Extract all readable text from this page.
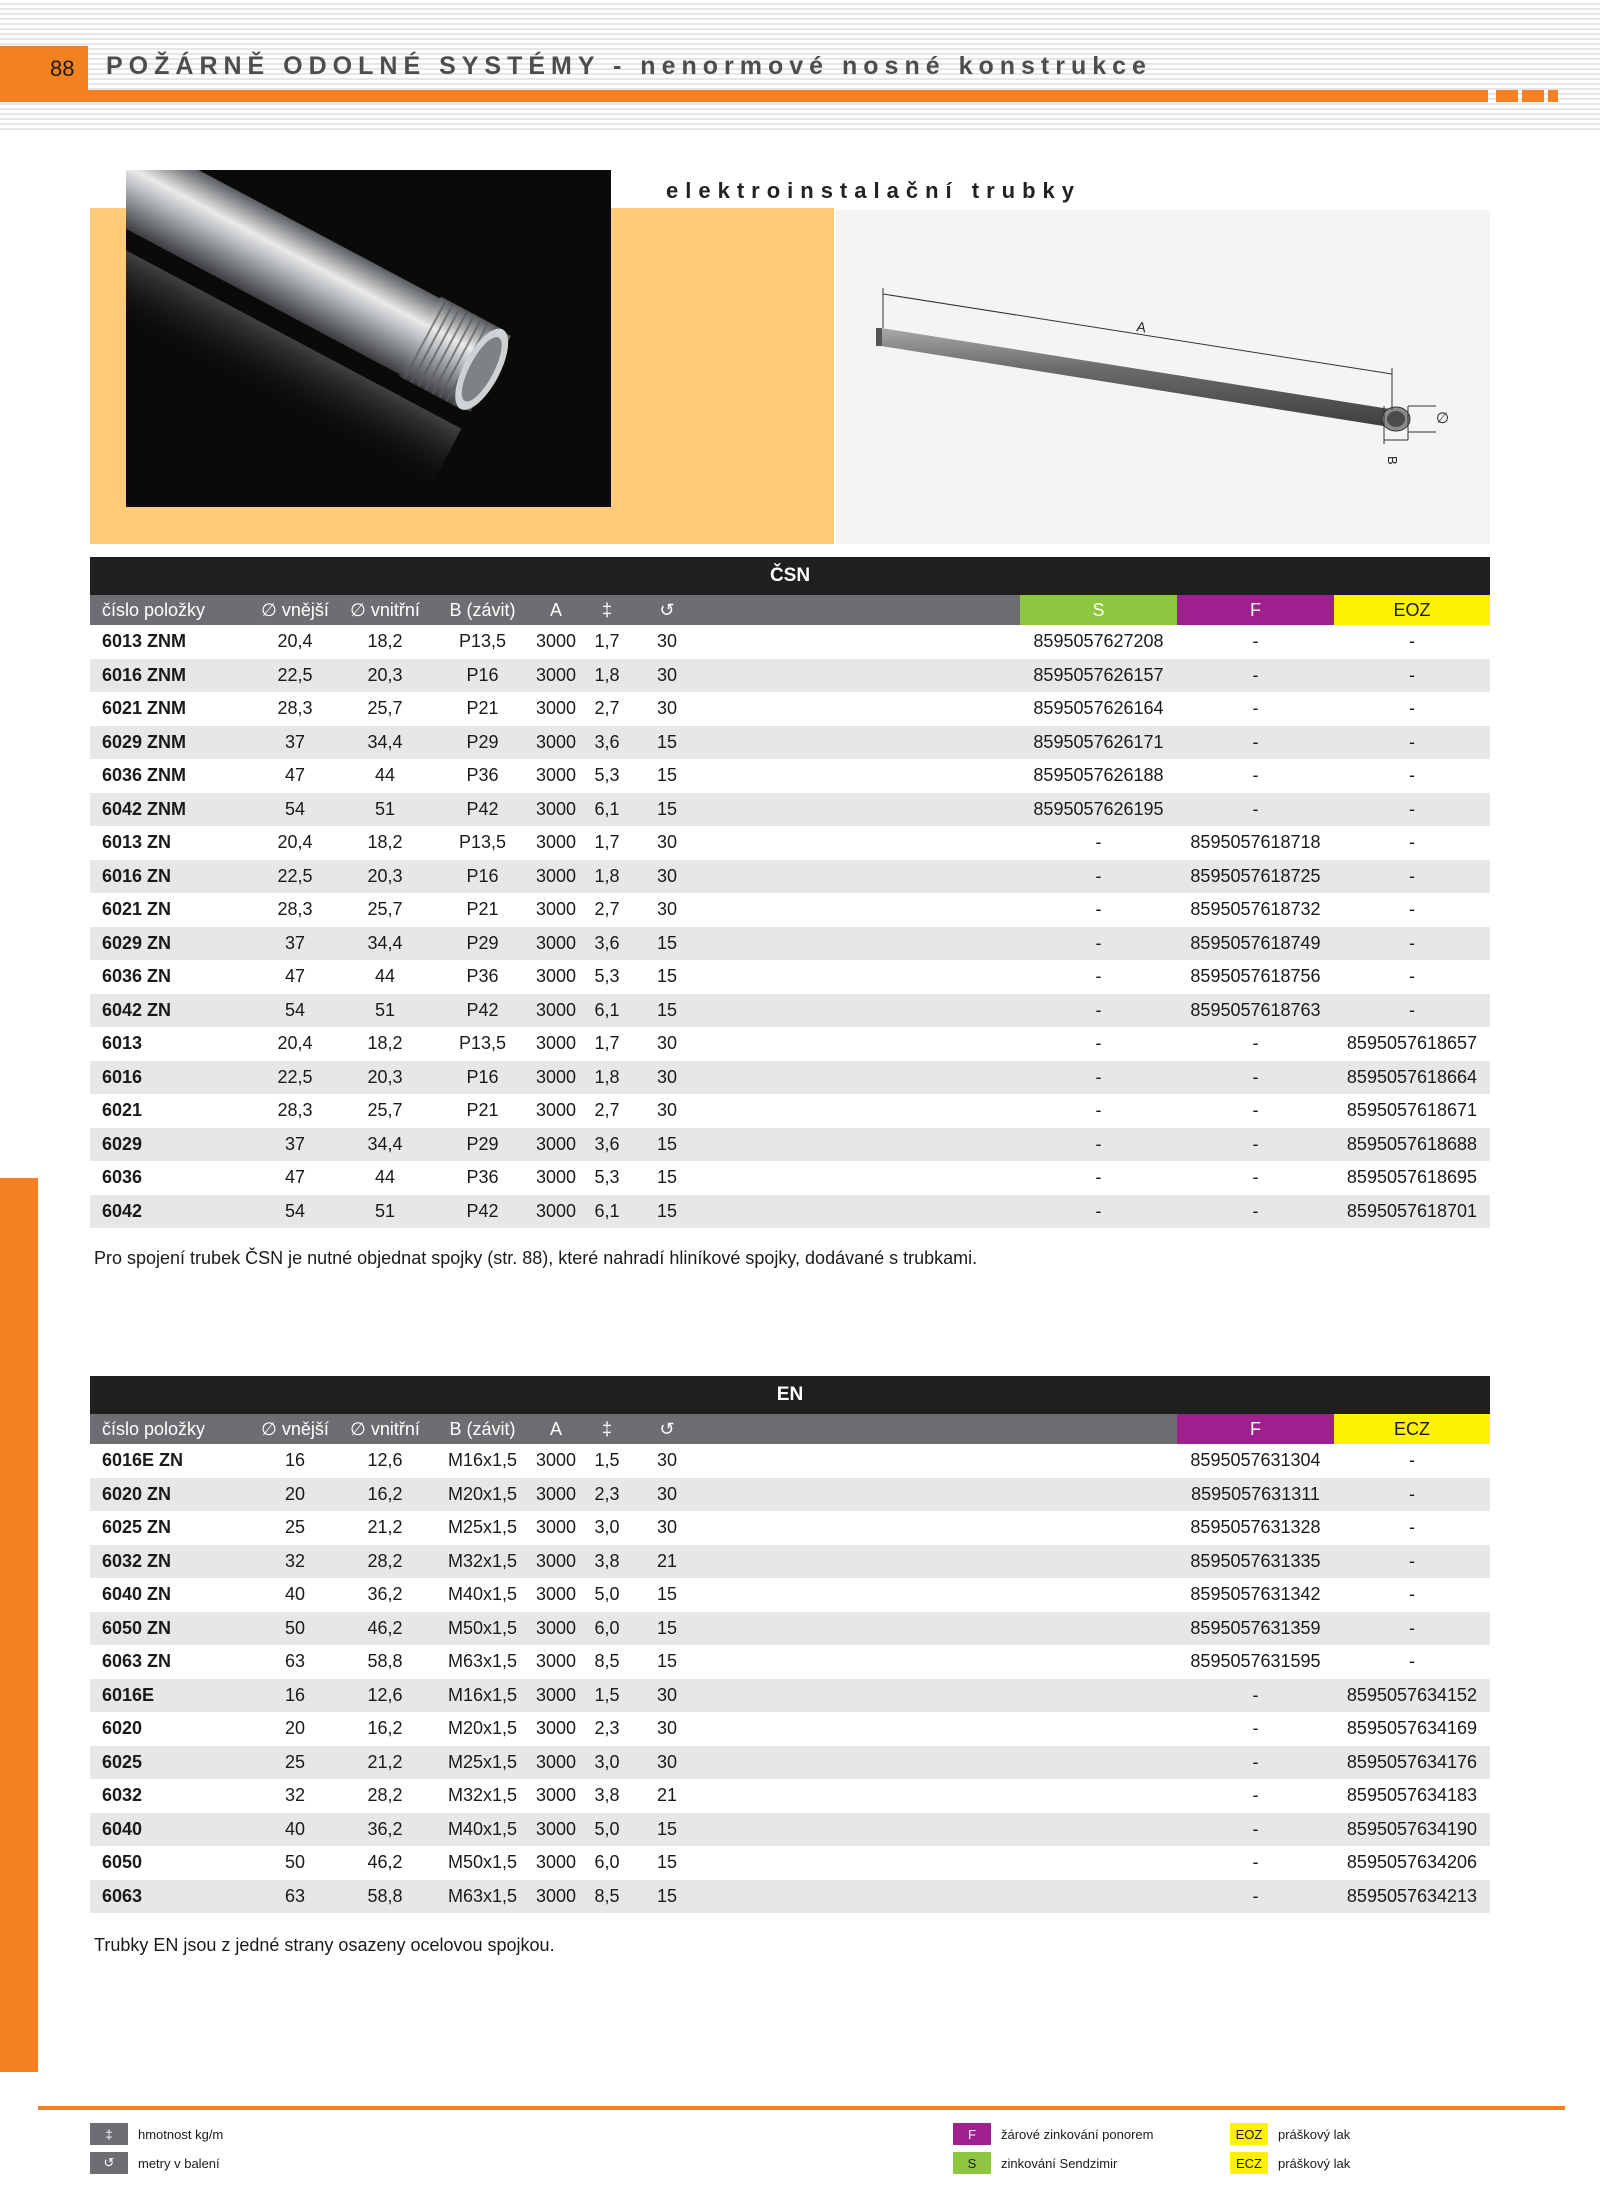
88 POŽÁRNĚ ODOLNÉ SYSTÉMY - nenormové nosné konstrukce
elektroinstalační trubky
A
B
∅
ČSN
číslo položky	∅ vnější	∅ vnitřní	B (závit)	A	‡	↺	S	F	EOZ
6013 ZNM	20,4	18,2	P13,5	3000	1,7	30	8595057627208	-	-
6016 ZNM	22,5	20,3	P16	3000	1,8	30	8595057626157	-	-
6021 ZNM	28,3	25,7	P21	3000	2,7	30	8595057626164	-	-
6029 ZNM	37	34,4	P29	3000	3,6	15	8595057626171	-	-
6036 ZNM	47	44	P36	3000	5,3	15	8595057626188	-	-
6042 ZNM	54	51	P42	3000	6,1	15	8595057626195	-	-
6013 ZN	20,4	18,2	P13,5	3000	1,7	30	-	8595057618718	-
6016 ZN	22,5	20,3	P16	3000	1,8	30	-	8595057618725	-
6021 ZN	28,3	25,7	P21	3000	2,7	30	-	8595057618732	-
6029 ZN	37	34,4	P29	3000	3,6	15	-	8595057618749	-
6036 ZN	47	44	P36	3000	5,3	15	-	8595057618756	-
6042 ZN	54	51	P42	3000	6,1	15	-	8595057618763	-
6013	20,4	18,2	P13,5	3000	1,7	30	-	-	8595057618657
6016	22,5	20,3	P16	3000	1,8	30	-	-	8595057618664
6021	28,3	25,7	P21	3000	2,7	30	-	-	8595057618671
6029	37	34,4	P29	3000	3,6	15	-	-	8595057618688
6036	47	44	P36	3000	5,3	15	-	-	8595057618695
6042	54	51	P42	3000	6,1	15	-	-	8595057618701
Pro spojení trubek ČSN je nutné objednat spojky (str. 88), které nahradí hliníkové spojky, dodávané s trubkami.
EN
číslo položky	∅ vnější	∅ vnitřní	B (závit)	A	‡	↺	F	ECZ
6016E ZN	16	12,6	M16x1,5	3000	1,5	30	8595057631304	-
6020 ZN	20	16,2	M20x1,5	3000	2,3	30	8595057631311	-
6025 ZN	25	21,2	M25x1,5	3000	3,0	30	8595057631328	-
6032 ZN	32	28,2	M32x1,5	3000	3,8	21	8595057631335	-
6040 ZN	40	36,2	M40x1,5	3000	5,0	15	8595057631342	-
6050 ZN	50	46,2	M50x1,5	3000	6,0	15	8595057631359	-
6063 ZN	63	58,8	M63x1,5	3000	8,5	15	8595057631595	-
6016E	16	12,6	M16x1,5	3000	1,5	30	-	8595057634152
6020	20	16,2	M20x1,5	3000	2,3	30	-	8595057634169
6025	25	21,2	M25x1,5	3000	3,0	30	-	8595057634176
6032	32	28,2	M32x1,5	3000	3,8	21	-	8595057634183
6040	40	36,2	M40x1,5	3000	5,0	15	-	8595057634190
6050	50	46,2	M50x1,5	3000	6,0	15	-	8595057634206
6063	63	58,8	M63x1,5	3000	8,5	15	-	8595057634213
Trubky EN jsou z jedné strany osazeny ocelovou spojkou.
‡	hmotnost kg/m
↺	metry v balení
F	žárové zinkování ponorem
S	zinkování Sendzimir
EOZ	práškový lak
ECZ	práškový lak
